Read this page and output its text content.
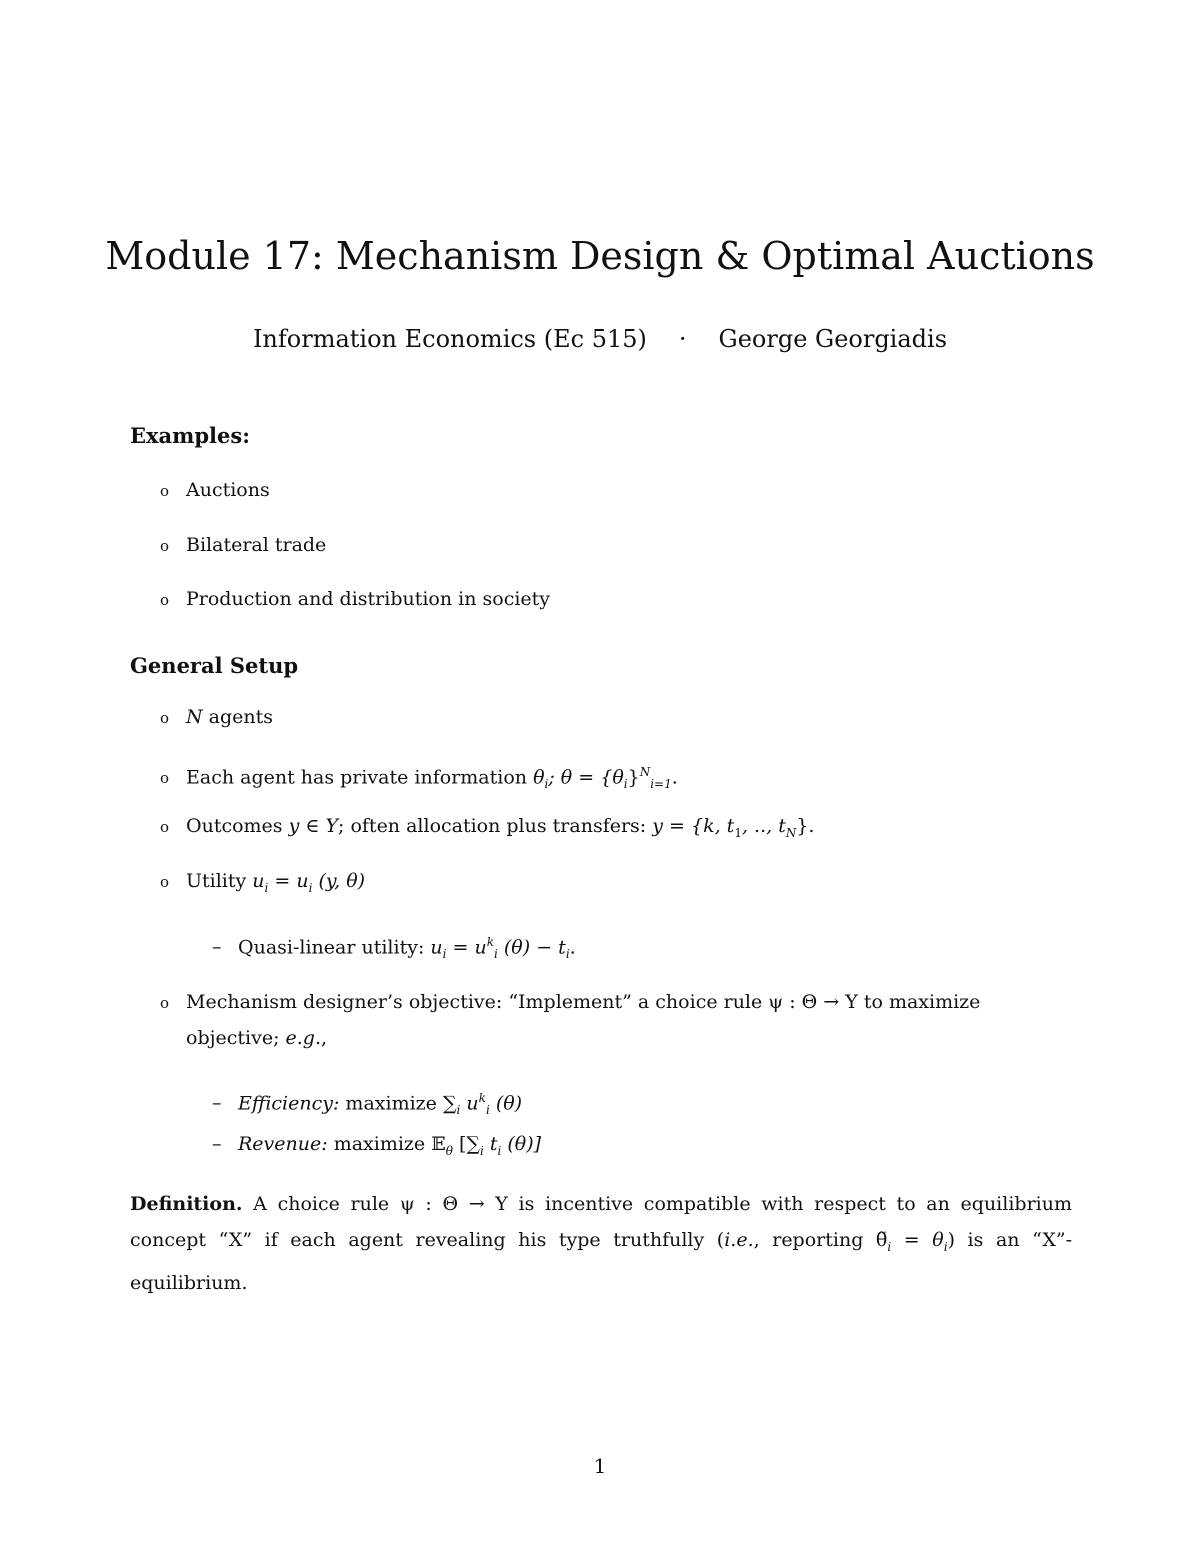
Module 17: Mechanism Design & Optimal Auctions
Information Economics (Ec 515) · George Georgiadis
Examples:
o Auctions
o Bilateral trade
o Production and distribution in society
General Setup
o N agents
o Each agent has private information $\theta_i$; $\theta = \{\theta_i\}^N_{i=1}$.
o Outcomes y ∈ Y; often allocation plus transfers: y = {k, $t_1$, .., $t_N$}.
o Utility $u_i = u_i$ (y, θ)
– Quasi-linear utility: $u_i = u^k_i$ $(\theta) - t_i$.
o Mechanism designer’s objective: “Implement” a choice rule ψ : Θ → Y to maximize
objective; e.g.,
– Efficiency: maximize $\sum_i$ $u^k_i$ (θ)
– Revenue: maximize 𝔼$_\theta$ [$\sum_i$ $t_i$ (θ)]
Definition. A choice rule ψ : Θ → Y is incentive compatible with respect to an equilibrium concept “X” if each agent revealing his type truthfully (i.e., reporting $\thetã_i = \theta_i$) is an “X”-equilibrium.
1
